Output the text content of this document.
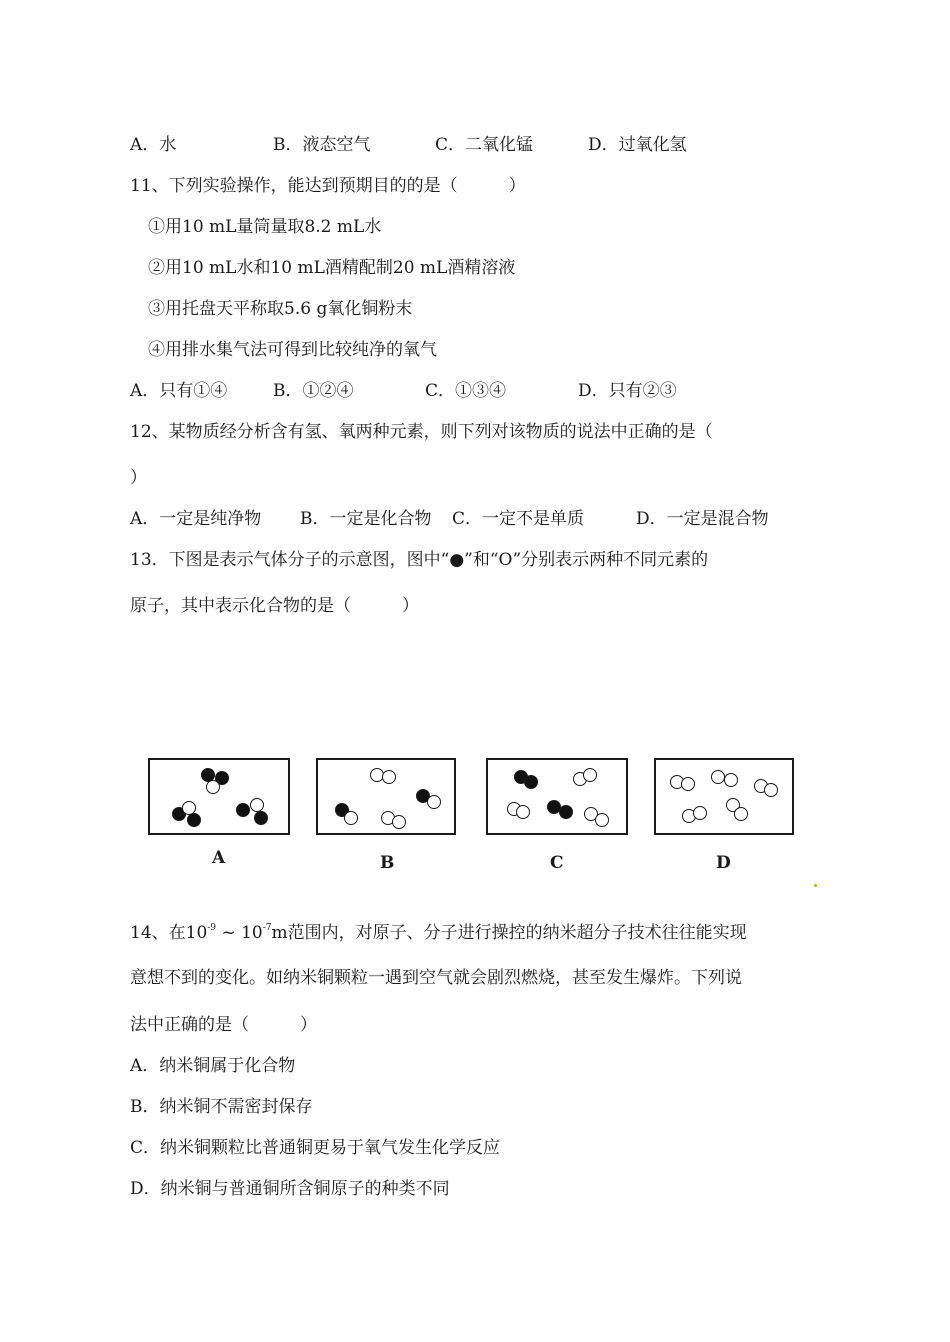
A．水	B．液态空气	C．二氧化锰	D．过氧化氢
11、下列实验操作，能达到预期目的的是（　　　）
①用10 mL量筒量取8.2 mL水
②用10 mL水和10 mL酒精配制20 mL酒精溶液
③用托盘天平称取5.6 g氧化铜粉末
④用排水集气法可得到比较纯净的氧气
A．只有①④	B．①②④	C．①③④	D．只有②③
12、某物质经分析含有氢、氧两种元素，则下列对该物质的说法中正确的是（
）
A．一定是纯净物 B．一定是化合物 C．一定不是单质	D．一定是混合物
13．下图是表示气体分子的示意图，图中“●”和“O”分别表示两种不同元素的
原子，其中表示化合物的是（　　　）
A	B	C	D
14、在$10^{-9}$ ~ $10^{-7}m$范围内，对原子、分子进行操控的纳米超分子技术往往能实现
意想不到的变化。如纳米铜颗粒一遇到空气就会剧烈燃烧，甚至发生爆炸。下列说
法中正确的是（　　　）
A．纳米铜属于化合物
B．纳米铜不需密封保存
C．纳米铜颗粒比普通铜更易于氧气发生化学反应
D．纳米铜与普通铜所含铜原子的种类不同
